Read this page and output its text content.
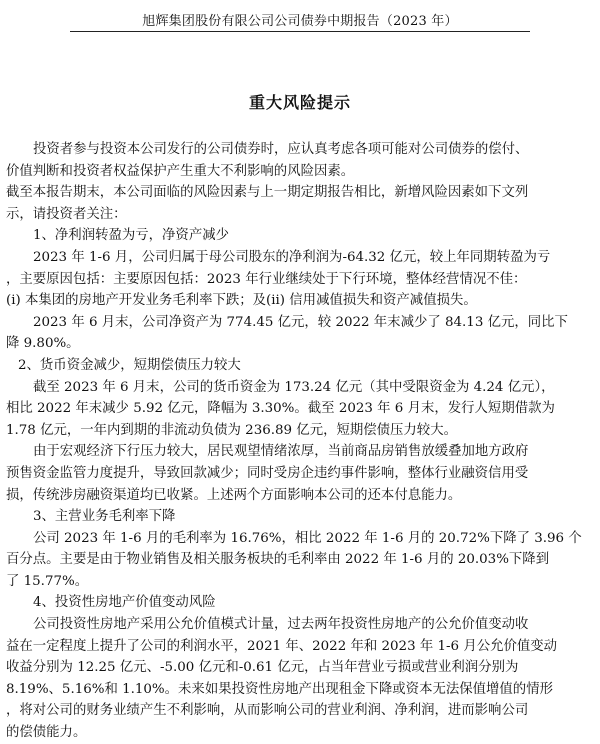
旭辉集团股份有限公司公司债券中期报告（2023 年）
重大风险提示

投资者参与投资本公司发行的公司债券时，应认真考虑各项可能对公司债券的偿付、

价值判断和投资者权益保护产生重大不利影响的风险因素。

截至本报告期末，本公司面临的风险因素与上一期定期报告相比，新增风险因素如下文列

示，请投资者关注：

1、净利润转盈为亏，净资产减少

2023 年 1-6 月，公司归属于母公司股东的净利润为-64.32 亿元，较上年同期转盈为亏

，主要原因包括：主要原因包括：2023 年行业继续处于下行环境，整体经营情况不佳：

(i) 本集团的房地产开发业务毛利率下跌；及(ii) 信用减值损失和资产减值损失。

2023 年 6 月末，公司净资产为 774.45 亿元，较 2022 年末减少了 84.13 亿元，同比下

降 9.80%。

2、货币资金减少，短期偿债压力较大

截至 2023 年 6 月末，公司的货币资金为 173.24 亿元（其中受限资金为 4.24 亿元），

相比 2022 年末减少 5.92 亿元，降幅为 3.30%。截至 2023 年 6 月末，发行人短期借款为

1.78 亿元，一年内到期的非流动负债为 236.89 亿元，短期偿债压力较大。

由于宏观经济下行压力较大，居民观望情绪浓厚，当前商品房销售放缓叠加地方政府

预售资金监管力度提升，导致回款减少；同时受房企违约事件影响，整体行业融资信用受

损，传统涉房融资渠道均已收紧。上述两个方面影响本公司的还本付息能力。

3、主营业务毛利率下降

公司 2023 年 1-6 月的毛利率为 16.76%，相比 2022 年 1-6 月的 20.72%下降了 3.96 个

百分点。主要是由于物业销售及相关服务板块的毛利率由 2022 年 1-6 月的 20.03%下降到

了 15.77%。

4、投资性房地产价值变动风险

公司投资性房地产采用公允价值模式计量，过去两年投资性房地产的公允价值变动收

益在一定程度上提升了公司的利润水平，2021 年、2022 年和 2023 年 1-6 月公允价值变动

收益分别为 12.25 亿元、-5.00 亿元和-0.61 亿元，占当年营业亏损或营业利润分别为

8.19%、5.16%和 1.10%。未来如果投资性房地产出现租金下降或资本无法保值增值的情形

，将对公司的财务业绩产生不利影响，从而影响公司的营业利润、净利润，进而影响公司

的偿债能力。
